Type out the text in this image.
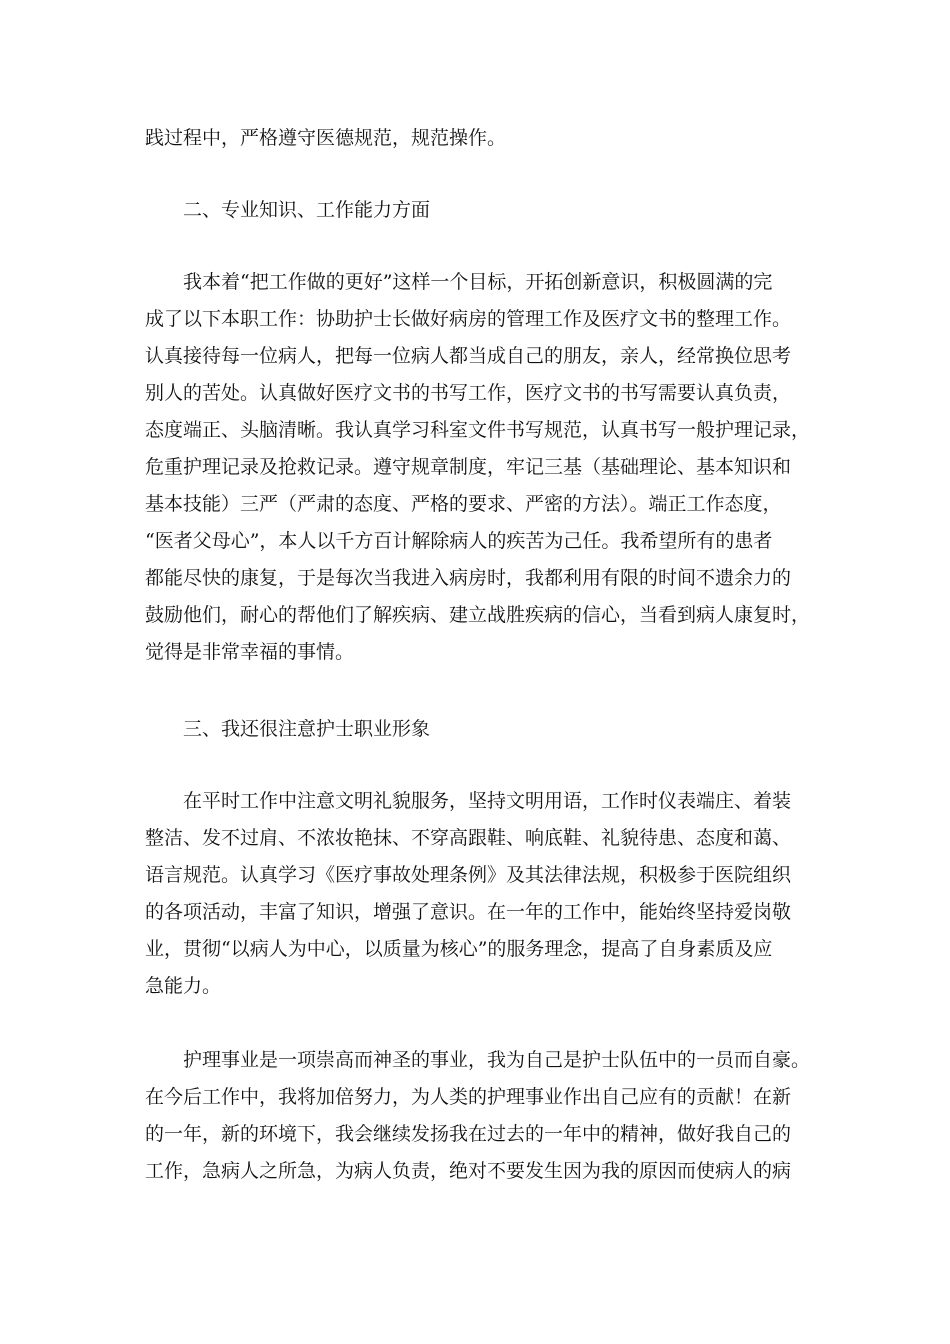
践过程中，严格遵守医德规范，规范操作。
二、专业知识、工作能力方面
我本着“把工作做的更好”这样一个目标，开拓创新意识，积极圆满的完
成了以下本职工作：协助护士长做好病房的管理工作及医疗文书的整理工作。
认真接待每一位病人，把每一位病人都当成自己的朋友，亲人，经常换位思考
别人的苦处。认真做好医疗文书的书写工作，医疗文书的书写需要认真负责，
态度端正、头脑清晰。我认真学习科室文件书写规范，认真书写一般护理记录，
危重护理记录及抢救记录。遵守规章制度，牢记三基（基础理论、基本知识和
基本技能）三严（严肃的态度、严格的要求、严密的方法）。端正工作态度，
“医者父母心”，本人以千方百计解除病人的疾苦为己任。我希望所有的患者
都能尽快的康复，于是每次当我进入病房时，我都利用有限的时间不遗余力的
鼓励他们，耐心的帮他们了解疾病、建立战胜疾病的信心，当看到病人康复时，
觉得是非常幸福的事情。
三、我还很注意护士职业形象
在平时工作中注意文明礼貌服务，坚持文明用语，工作时仪表端庄、着装
整洁、发不过肩、不浓妆艳抹、不穿高跟鞋、响底鞋、礼貌待患、态度和蔼、
语言规范。认真学习《医疗事故处理条例》及其法律法规，积极参于医院组织
的各项活动，丰富了知识，增强了意识。在一年的工作中，能始终坚持爱岗敬
业，贯彻“以病人为中心，以质量为核心”的服务理念，提高了自身素质及应
急能力。
护理事业是一项崇高而神圣的事业，我为自己是护士队伍中的一员而自豪。
在今后工作中，我将加倍努力，为人类的护理事业作出自己应有的贡献！在新
的一年，新的环境下，我会继续发扬我在过去的一年中的精神，做好我自己的
工作，急病人之所急，为病人负责，绝对不要发生因为我的原因而使病人的病
